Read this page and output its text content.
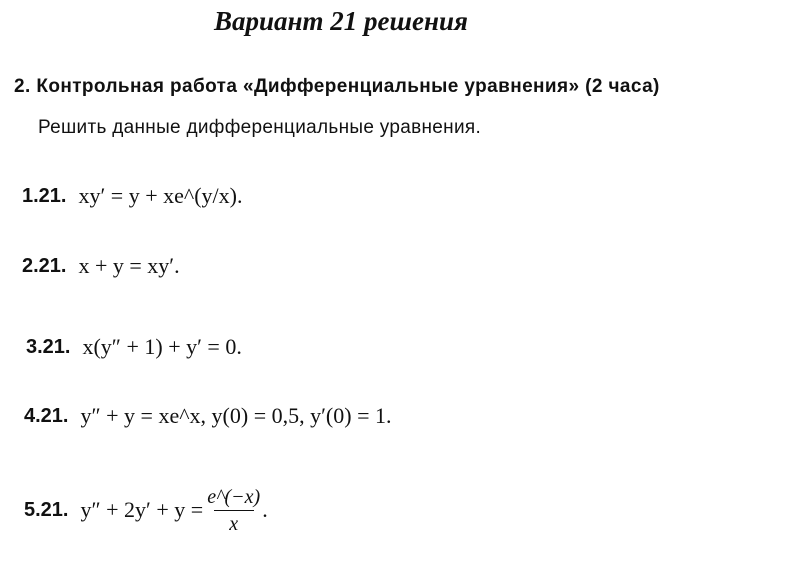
Вариант 21 решения
2. Контрольная работа «Дифференциальные уравнения» (2 часа)
Решить данные дифференциальные уравнения.
1.21. xy′ = y + xe^(y/x).
2.21. x + y = xy′.
3.21. x(y″ + 1) + y′ = 0.
4.21. y″ + y = xe^x, y(0) = 0,5, y′(0) = 1.
5.21. $y'' + 2y' + y = \frac{e\^{}(-x)}{x}$ .
